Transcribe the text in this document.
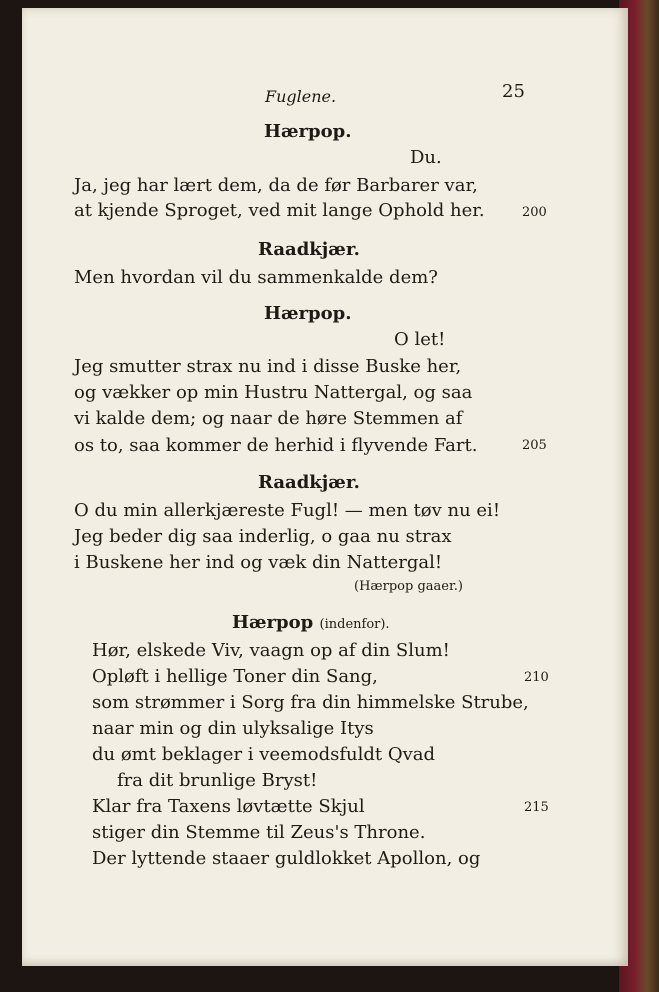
Fuglene.	25
Hærpop.
Du.
Ja, jeg har lært dem, da de før Barbarer var,
at kjende Sproget, ved mit lange Ophold her.	200
Raadkjær.
Men hvordan vil du sammenkalde dem?
Hærpop.
O let!
Jeg smutter strax nu ind i disse Buske her,
og vækker op min Hustru Nattergal, og saa
vi kalde dem; og naar de høre Stemmen af
os to, saa kommer de herhid i flyvende Fart.	205
Raadkjær.
O du min allerkjæreste Fugl! — men tøv nu ei!
Jeg beder dig saa inderlig, o gaa nu strax
i Buskene her ind og væk din Nattergal!
(Hærpop gaaer.)
Hærpop (indenfor).
Hør, elskede Viv, vaagn op af din Slum!
Opløft i hellige Toner din Sang,	210
som strømmer i Sorg fra din himmelske Strube,
naar min og din ulyksalige Itys
du ømt beklager i veemodsfuldt Qvad
fra dit brunlige Bryst!
Klar fra Taxens løvtætte Skjul	215
stiger din Stemme til Zeus's Throne.
Der lyttende staaer guldlokket Apollon, og
